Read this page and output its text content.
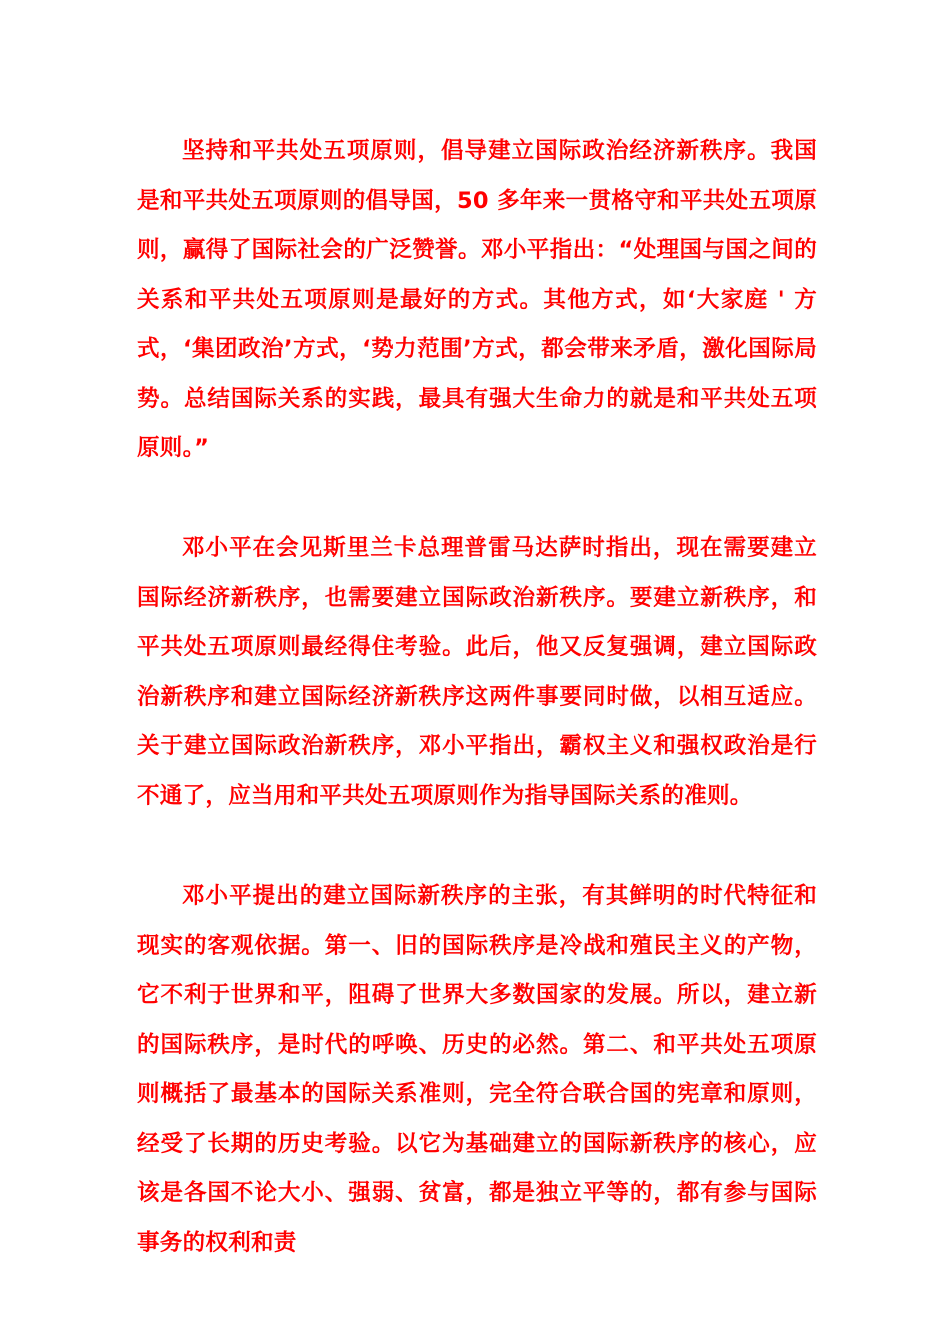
坚持和平共处五项原则，倡导建立国际政治经济新秩序。我国是和平共处五项原则的倡导国，50 多年来一贯格守和平共处五项原则，赢得了国际社会的广泛赞誉。邓小平指出：“处理国与国之间的关系和平共处五项原则是最好的方式。其他方式，如‘大家庭 ' 方式，‘集团政治’方式，‘势力范围’方式，都会带来矛盾，激化国际局势。总结国际关系的实践，最具有强大生命力的就是和平共处五项原则。”

邓小平在会见斯里兰卡总理普雷马达萨时指出，现在需要建立国际经济新秩序，也需要建立国际政治新秩序。要建立新秩序，和平共处五项原则最经得住考验。此后，他又反复强调，建立国际政治新秩序和建立国际经济新秩序这两件事要同时做，以相互适应。关于建立国际政治新秩序，邓小平指出，霸权主义和强权政治是行不通了，应当用和平共处五项原则作为指导国际关系的准则。

邓小平提出的建立国际新秩序的主张，有其鲜明的时代特征和现实的客观依据。第一、旧的国际秩序是冷战和殖民主义的产物，它不利于世界和平，阻碍了世界大多数国家的发展。所以，建立新的国际秩序，是时代的呼唤、历史的必然。第二、和平共处五项原则概括了最基本的国际关系准则，完全符合联合国的宪章和原则，经受了长期的历史考验。以它为基础建立的国际新秩序的核心，应该是各国不论大小、强弱、贫富，都是独立平等的，都有参与国际事务的权利和责
